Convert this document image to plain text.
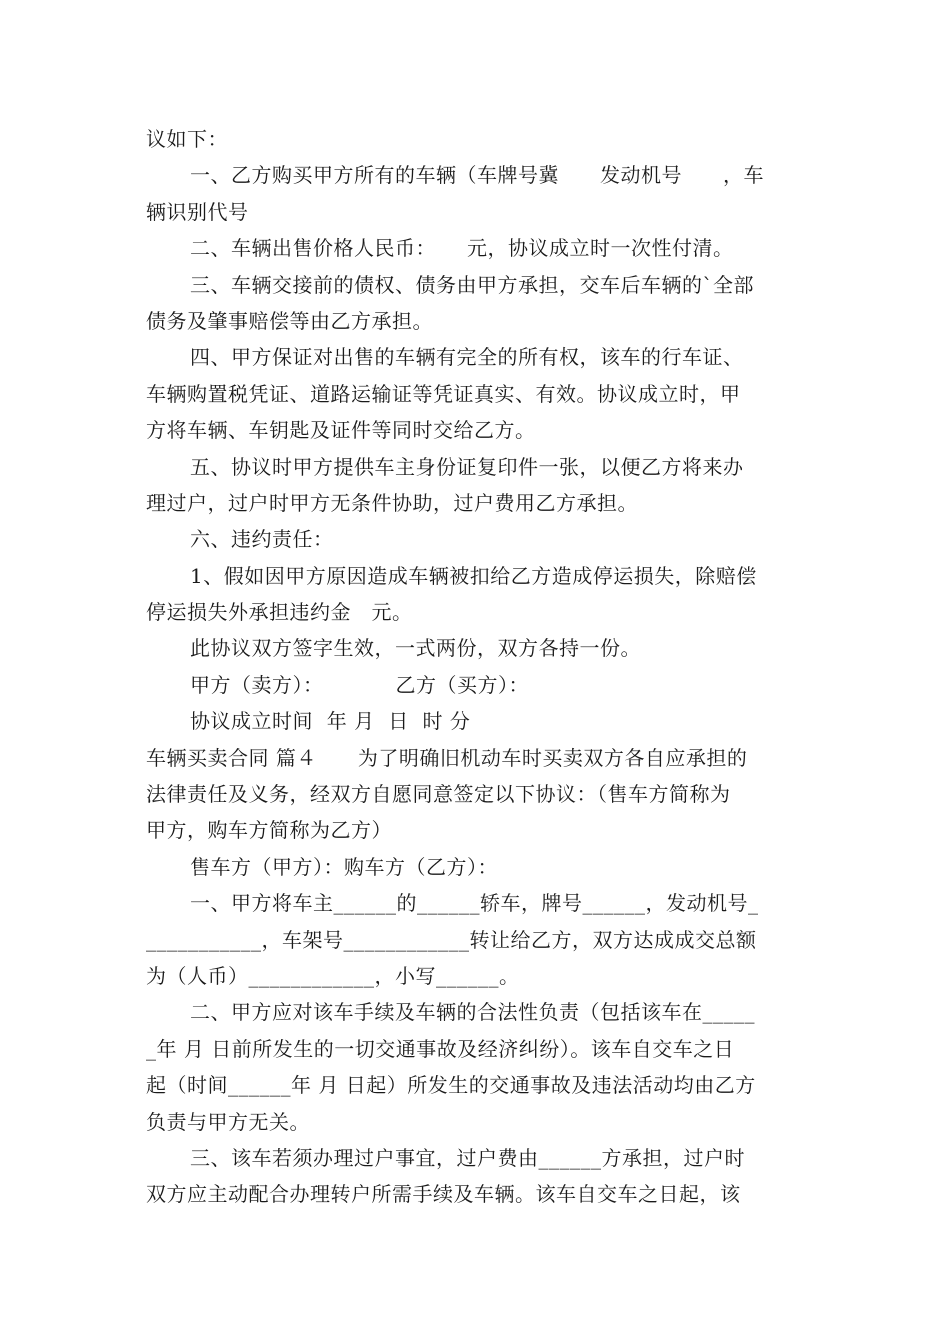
议如下：
一、乙方购买甲方所有的车辆（车牌号冀　　发动机号　　，车
辆识别代号
二、车辆出售价格人民币：　　元，协议成立时一次性付清。
三、车辆交接前的债权、债务由甲方承担，交车后车辆的`全部
债务及肇事赔偿等由乙方承担。
四、甲方保证对出售的车辆有完全的所有权，该车的行车证、
车辆购置税凭证、道路运输证等凭证真实、有效。协议成立时，甲
方将车辆、车钥匙及证件等同时交给乙方。
五、协议时甲方提供车主身份证复印件一张，以便乙方将来办
理过户，过户时甲方无条件协助，过户费用乙方承担。
六、违约责任：
1、假如因甲方原因造成车辆被扣给乙方造成停运损失，除赔偿
停运损失外承担违约金　元。
此协议双方签字生效，一式两份，双方各持一份。
甲方（卖方）：　　　　乙方（买方）：
协议成立时间  年 月  日  时 分
车辆买卖合同 篇４　　为了明确旧机动车时买卖双方各自应承担的
法律责任及义务，经双方自愿同意签定以下协议：（售车方简称为
甲方，购车方简称为乙方）
售车方（甲方）：购车方（乙方）：
一、甲方将车主______的______轿车，牌号______，发动机号_
___________，车架号____________转让给乙方，双方达成成交总额
为（人币）____________，小写______。
二、甲方应对该车手续及车辆的合法性负责（包括该车在_____
_年 月 日前所发生的一切交通事故及经济纠纷）。该车自交车之日
起（时间______年 月 日起）所发生的交通事故及违法活动均由乙方
负责与甲方无关。
三、该车若须办理过户事宜，过户费由______方承担，过户时
双方应主动配合办理转户所需手续及车辆。该车自交车之日起，该
